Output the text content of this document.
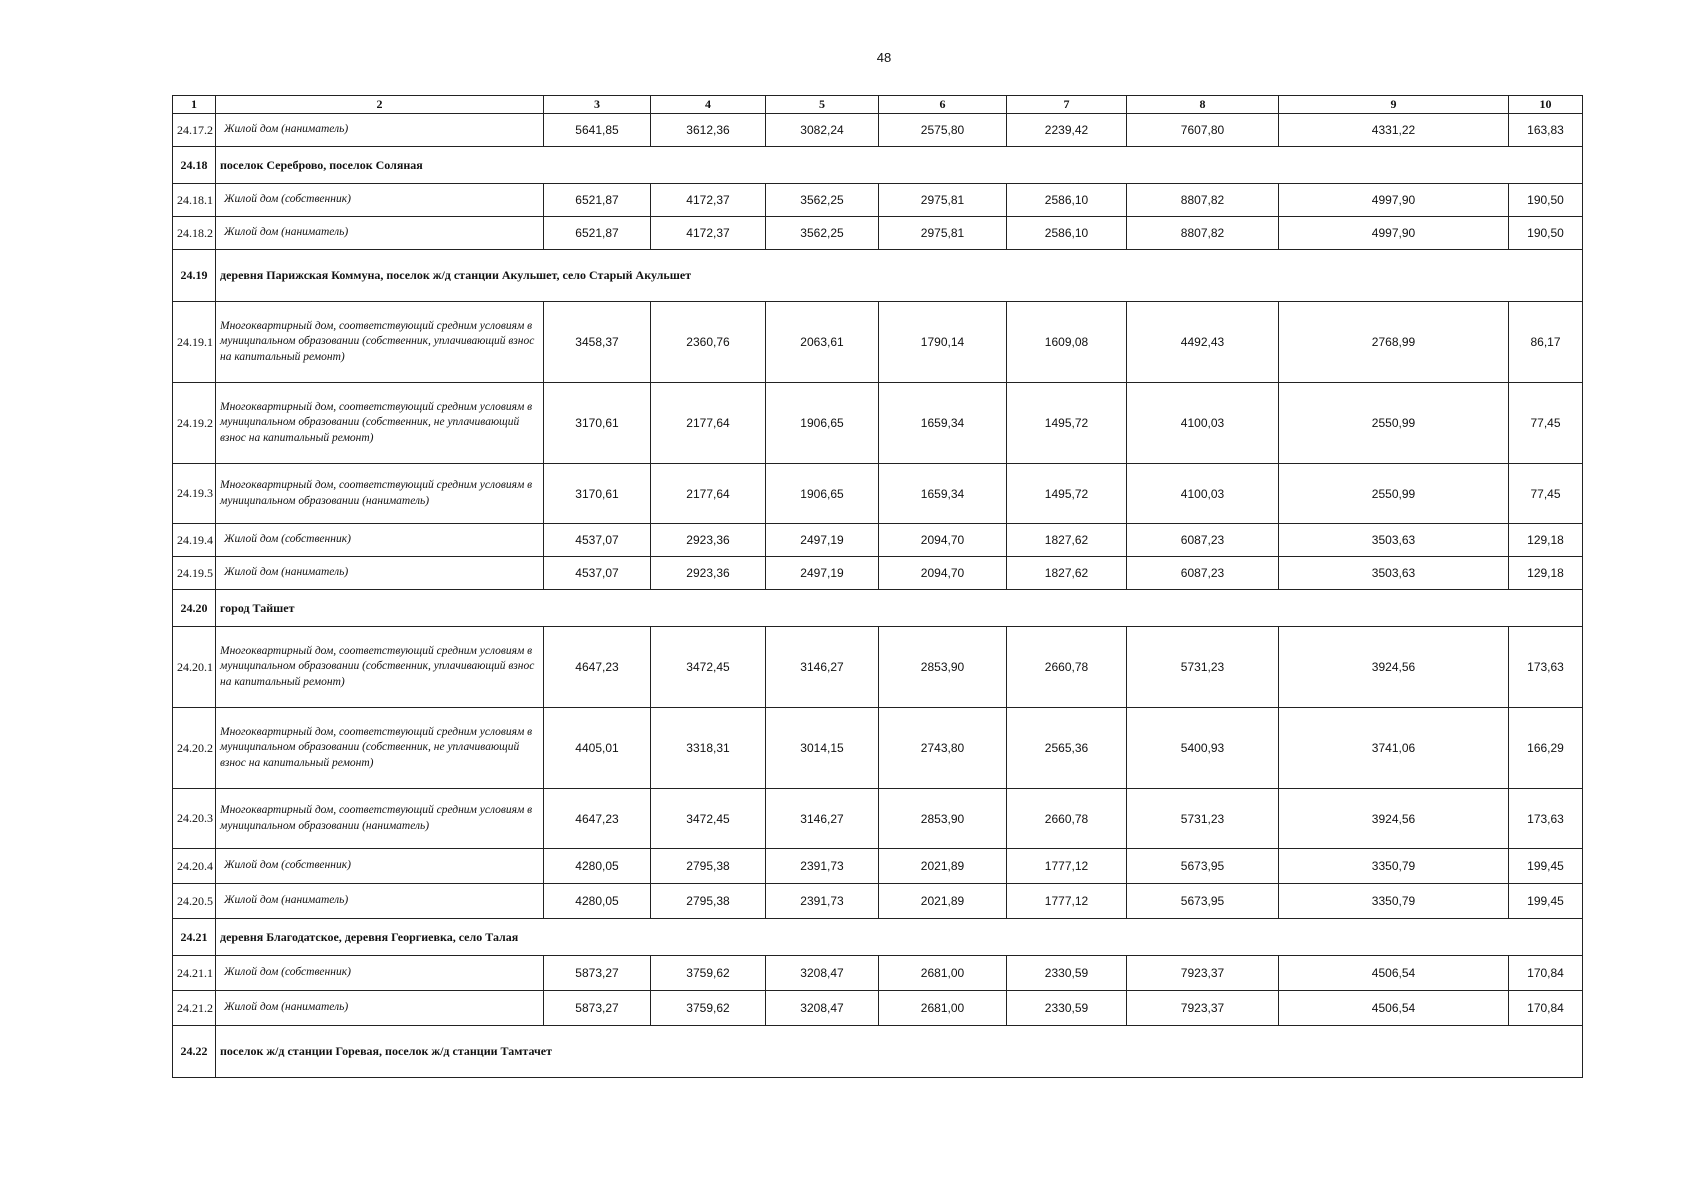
48
1	2	3	4	5	6	7	8	9	10
24.17.2	Жилой дом (наниматель)	5641,85	3612,36	3082,24	2575,80	2239,42	7607,80	4331,22	163,83
24.18	поселок Сереброво, поселок Соляная								
24.18.1	Жилой дом (собственник)	6521,87	4172,37	3562,25	2975,81	2586,10	8807,82	4997,90	190,50
24.18.2	Жилой дом (наниматель)	6521,87	4172,37	3562,25	2975,81	2586,10	8807,82	4997,90	190,50
24.19	деревня Парижская Коммуна, поселок ж/д станции Акульшет, село Старый Акульшет								
24.19.1	Многоквартирный дом, соответствующий средним условиям в муниципальном образовании (собственник, уплачивающий взнос на капитальный ремонт)	3458,37	2360,76	2063,61	1790,14	1609,08	4492,43	2768,99	86,17
24.19.2	Многоквартирный дом, соответствующий средним условиям в муниципальном образовании (собственник, не уплачивающий взнос на капитальный ремонт)	3170,61	2177,64	1906,65	1659,34	1495,72	4100,03	2550,99	77,45
24.19.3	Многоквартирный дом, соответствующий средним условиям в муниципальном образовании (наниматель)	3170,61	2177,64	1906,65	1659,34	1495,72	4100,03	2550,99	77,45
24.19.4	Жилой дом (собственник)	4537,07	2923,36	2497,19	2094,70	1827,62	6087,23	3503,63	129,18
24.19.5	Жилой дом (наниматель)	4537,07	2923,36	2497,19	2094,70	1827,62	6087,23	3503,63	129,18
24.20	город Тайшет								
24.20.1	Многоквартирный дом, соответствующий средним условиям в муниципальном образовании (собственник, уплачивающий взнос на капитальный ремонт)	4647,23	3472,45	3146,27	2853,90	2660,78	5731,23	3924,56	173,63
24.20.2	Многоквартирный дом, соответствующий средним условиям в муниципальном образовании (собственник, не уплачивающий взнос на капитальный ремонт)	4405,01	3318,31	3014,15	2743,80	2565,36	5400,93	3741,06	166,29
24.20.3	Многоквартирный дом, соответствующий средним условиям в муниципальном образовании (наниматель)	4647,23	3472,45	3146,27	2853,90	2660,78	5731,23	3924,56	173,63
24.20.4	Жилой дом (собственник)	4280,05	2795,38	2391,73	2021,89	1777,12	5673,95	3350,79	199,45
24.20.5	Жилой дом (наниматель)	4280,05	2795,38	2391,73	2021,89	1777,12	5673,95	3350,79	199,45
24.21	деревня Благодатское, деревня Георгиевка, село Талая								
24.21.1	Жилой дом (собственник)	5873,27	3759,62	3208,47	2681,00	2330,59	7923,37	4506,54	170,84
24.21.2	Жилой дом (наниматель)	5873,27	3759,62	3208,47	2681,00	2330,59	7923,37	4506,54	170,84
24.22	поселок ж/д станции Горевая, поселок ж/д станции Тамтачет								
